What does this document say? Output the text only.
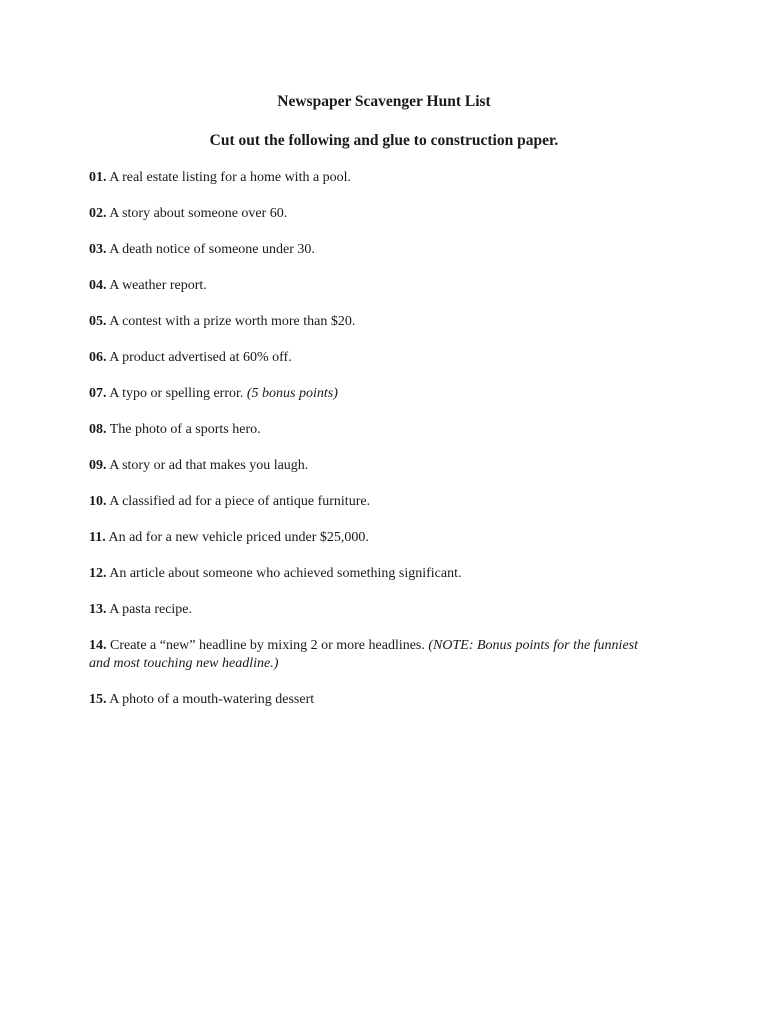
Newspaper Scavenger Hunt List
Cut out the following and glue to construction paper.
01. A real estate listing for a home with a pool.
02. A story about someone over 60.
03. A death notice of someone under 30.
04. A weather report.
05. A contest with a prize worth more than $20.
06. A product advertised at 60% off.
07. A typo or spelling error. (5 bonus points)
08. The photo of a sports hero.
09. A story or ad that makes you laugh.
10. A classified ad for a piece of antique furniture.
11. An ad for a new vehicle priced under $25,000.
12. An article about someone who achieved something significant.
13. A pasta recipe.
14. Create a “new” headline by mixing 2 or more headlines. (NOTE: Bonus points for the funniest and most touching new headline.)
15. A photo of a mouth-watering dessert
